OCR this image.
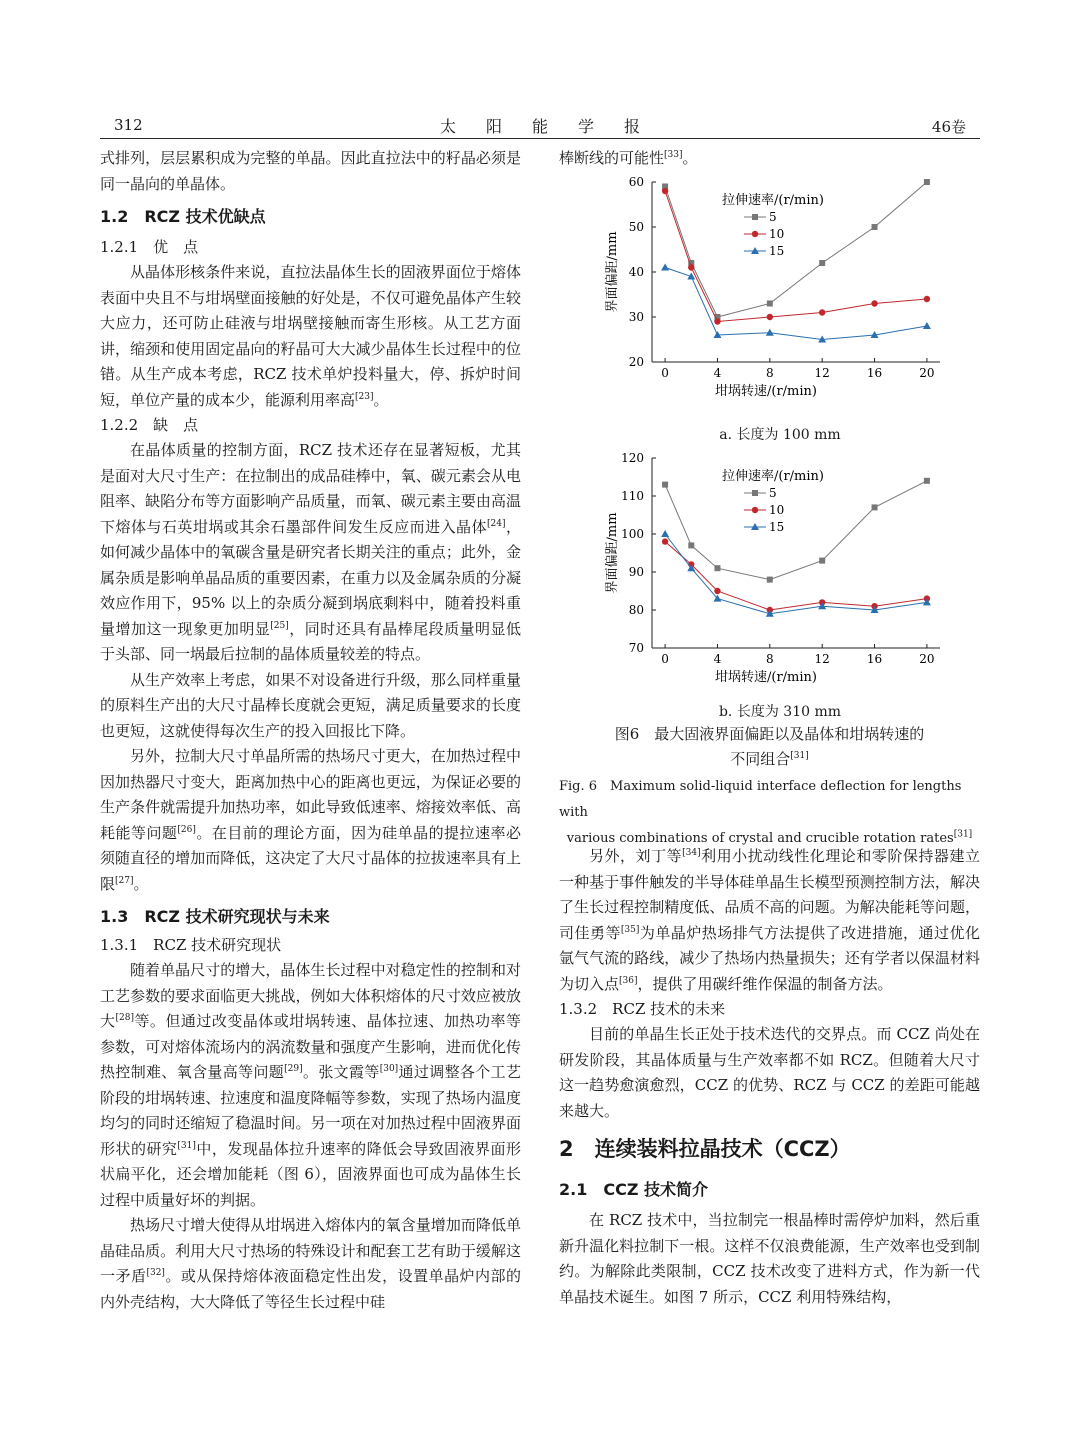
312	太阳能学报	46卷

式排列，层层累积成为完整的单晶。因此直拉法中的籽晶必须是同一晶向的单晶体。

1.2　RCZ 技术优缺点
1.2.1　优　点

从晶体形核条件来说，直拉法晶体生长的固液界面位于熔体表面中央且不与坩埚壁面接触的好处是，不仅可避免晶体产生较大应力，还可防止硅液与坩埚壁接触而寄生形核。从工艺方面讲，缩颈和使用固定晶向的籽晶可大大减少晶体生长过程中的位错。从生产成本考虑，RCZ 技术单炉投料量大，停、拆炉时间短，单位产量的成本少，能源利用率高[23]。

1.2.2　缺　点

在晶体质量的控制方面，RCZ 技术还存在显著短板，尤其是面对大尺寸生产：在拉制出的成品硅棒中，氧、碳元素会从电阻率、缺陷分布等方面影响产品质量，而氧、碳元素主要由高温下熔体与石英坩埚或其余石墨部件间发生反应而进入晶体[24]，如何减少晶体中的氧碳含量是研究者长期关注的重点；此外，金属杂质是影响单晶品质的重要因素，在重力以及金属杂质的分凝效应作用下，95% 以上的杂质分凝到埚底剩料中，随着投料重量增加这一现象更加明显[25]，同时还具有晶棒尾段质量明显低于头部、同一埚最后拉制的晶体质量较差的特点。

从生产效率上考虑，如果不对设备进行升级，那么同样重量的原料生产出的大尺寸晶棒长度就会更短，满足质量要求的长度也更短，这就使得每次生产的投入回报比下降。

另外，拉制大尺寸单晶所需的热场尺寸更大，在加热过程中因加热器尺寸变大，距离加热中心的距离也更远，为保证必要的生产条件就需提升加热功率，如此导致低速率、熔接效率低、高耗能等问题[26]。在目前的理论方面，因为硅单晶的提拉速率必须随直径的增加而降低，这决定了大尺寸晶体的拉拔速率具有上限[27]。

1.3　RCZ 技术研究现状与未来
1.3.1　RCZ 技术研究现状

随着单晶尺寸的增大，晶体生长过程中对稳定性的控制和对工艺参数的要求面临更大挑战，例如大体积熔体的尺寸效应被放大[28]等。但通过改变晶体或坩埚转速、晶体拉速、加热功率等参数，可对熔体流场内的涡流数量和强度产生影响，进而优化传热控制难、氧含量高等问题[29]。张文霞等[30]通过调整各个工艺阶段的坩埚转速、拉速度和温度降幅等参数，实现了热场内温度均匀的同时还缩短了稳温时间。另一项在对加热过程中固液界面形状的研究[31]中，发现晶体拉升速率的降低会导致固液界面形状扁平化，还会增加能耗（图 6），固液界面也可成为晶体生长过程中质量好坏的判据。

热场尺寸增大使得从坩埚进入熔体内的氧含量增加而降低单晶硅品质。利用大尺寸热场的特殊设计和配套工艺有助于缓解这一矛盾[32]。或从保持熔体液面稳定性出发，设置单晶炉内部的内外壳结构，大大降低了等径生长过程中硅

棒断线的可能性[33]。

20
30
40
50
60
0	4	8	12	16	20
坩埚转速/(r/min)
界面偏距/mm
拉伸速率/(r/min)
5
10
15
a. 长度为 100 mm
70
80
90
100
110
120
0	4	8	12	16	20
坩埚转速/(r/min)
界面偏距/mm
拉伸速率/(r/min)
5
10
15
b. 长度为 310 mm
图6　最大固液界面偏距以及晶体和坩埚转速的
不同组合[31]
Fig. 6　Maximum solid-liquid interface deflection for lengths with
various combinations of crystal and crucible rotation rates[31]

另外，刘丁等[34]利用小扰动线性化理论和零阶保持器建立一种基于事件触发的半导体硅单晶生长模型预测控制方法，解决了生长过程控制精度低、品质不高的问题。为解决能耗等问题，司佳勇等[35]为单晶炉热场排气方法提供了改进措施，通过优化氩气气流的路线，减少了热场内热量损失；还有学者以保温材料为切入点[36]，提供了用碳纤维作保温的制备方法。

1.3.2　RCZ 技术的未来

目前的单晶生长正处于技术迭代的交界点。而 CCZ 尚处在研发阶段，其晶体质量与生产效率都不如 RCZ。但随着大尺寸这一趋势愈演愈烈，CCZ 的优势、RCZ 与 CCZ 的差距可能越来越大。

2　连续装料拉晶技术（CCZ）
2.1　CCZ 技术简介

在 RCZ 技术中，当拉制完一根晶棒时需停炉加料，然后重新升温化料拉制下一根。这样不仅浪费能源，生产效率也受到制约。为解除此类限制，CCZ 技术改变了进料方式，作为新一代单晶技术诞生。如图 7 所示，CCZ 利用特殊结构，
